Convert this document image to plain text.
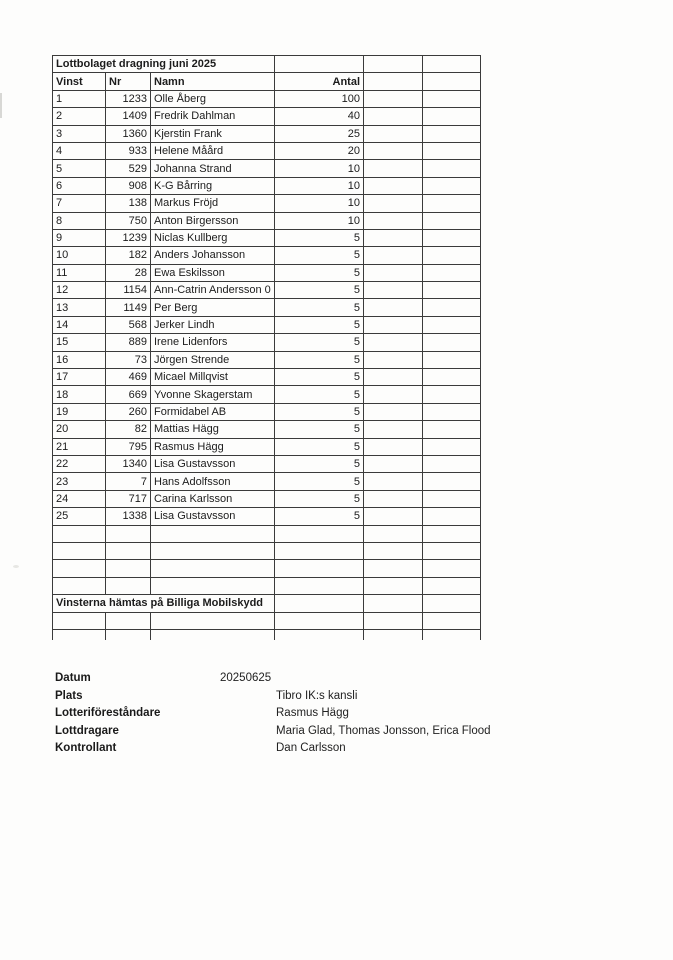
Lottbolaget dragning juni 2025					
Vinst	Nr	Namn	Antal		
1	1233	Olle Åberg	100		
2	1409	Fredrik Dahlman	40		
3	1360	Kjerstin Frank	25		
4	933	Helene Måård	20		
5	529	Johanna Strand	10		
6	908	K-G Bårring	10		
7	138	Markus Fröjd	10		
8	750	Anton Birgersson	10		
9	1239	Niclas Kullberg	5		
10	182	Anders Johansson	5		
11	28	Ewa Eskilsson	5		
12	1154	Ann-Catrin Andersson 0	5		
13	1149	Per Berg	5		
14	568	Jerker Lindh	5		
15	889	Irene Lidenfors	5		
16	73	Jörgen Strende	5		
17	469	Micael Millqvist	5		
18	669	Yvonne Skagerstam	5		
19	260	Formidabel AB	5		
20	82	Mattias Hägg	5		
21	795	Rasmus Hägg	5		
22	1340	Lisa Gustavsson	5		
23	7	Hans Adolfsson	5		
24	717	Carina Karlsson	5		
25	1338	Lisa Gustavsson	5		

Vinsterna hämtas på Billiga Mobilskydd					

Datum	20250625
Plats	Tibro IK:s kansli
Lotteriföreståndare	Rasmus Hägg
Lottdragare	Maria Glad, Thomas Jonsson, Erica Flood
Kontrollant	Dan Carlsson
